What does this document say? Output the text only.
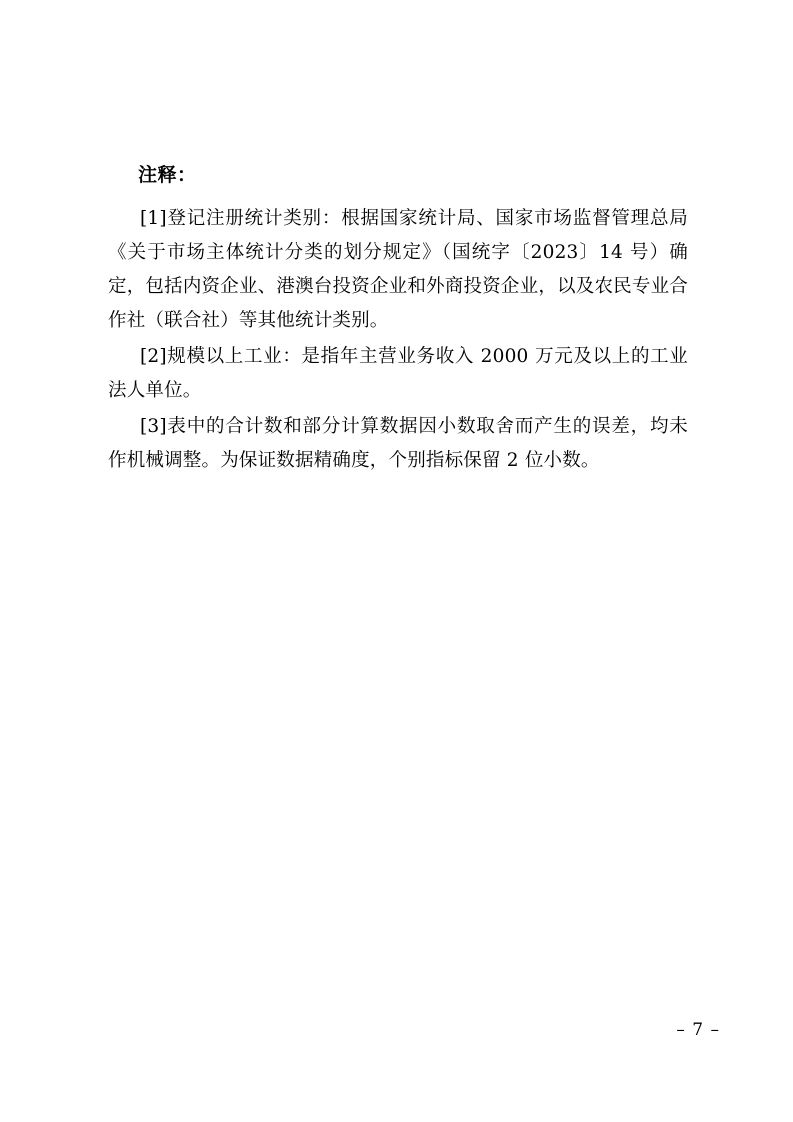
注释：

[1]登记注册统计类别：根据国家统计局、国家市场监督管理总局《关于市场主体统计分类的划分规定》（国统字〔2023〕14 号）确定，包括内资企业、港澳台投资企业和外商投资企业，以及农民专业合作社（联合社）等其他统计类别。

[2]规模以上工业：是指年主营业务收入 2000 万元及以上的工业法人单位。

[3]表中的合计数和部分计算数据因小数取舍而产生的误差，均未作机械调整。为保证数据精确度，个别指标保留 2 位小数。

– 7 –
